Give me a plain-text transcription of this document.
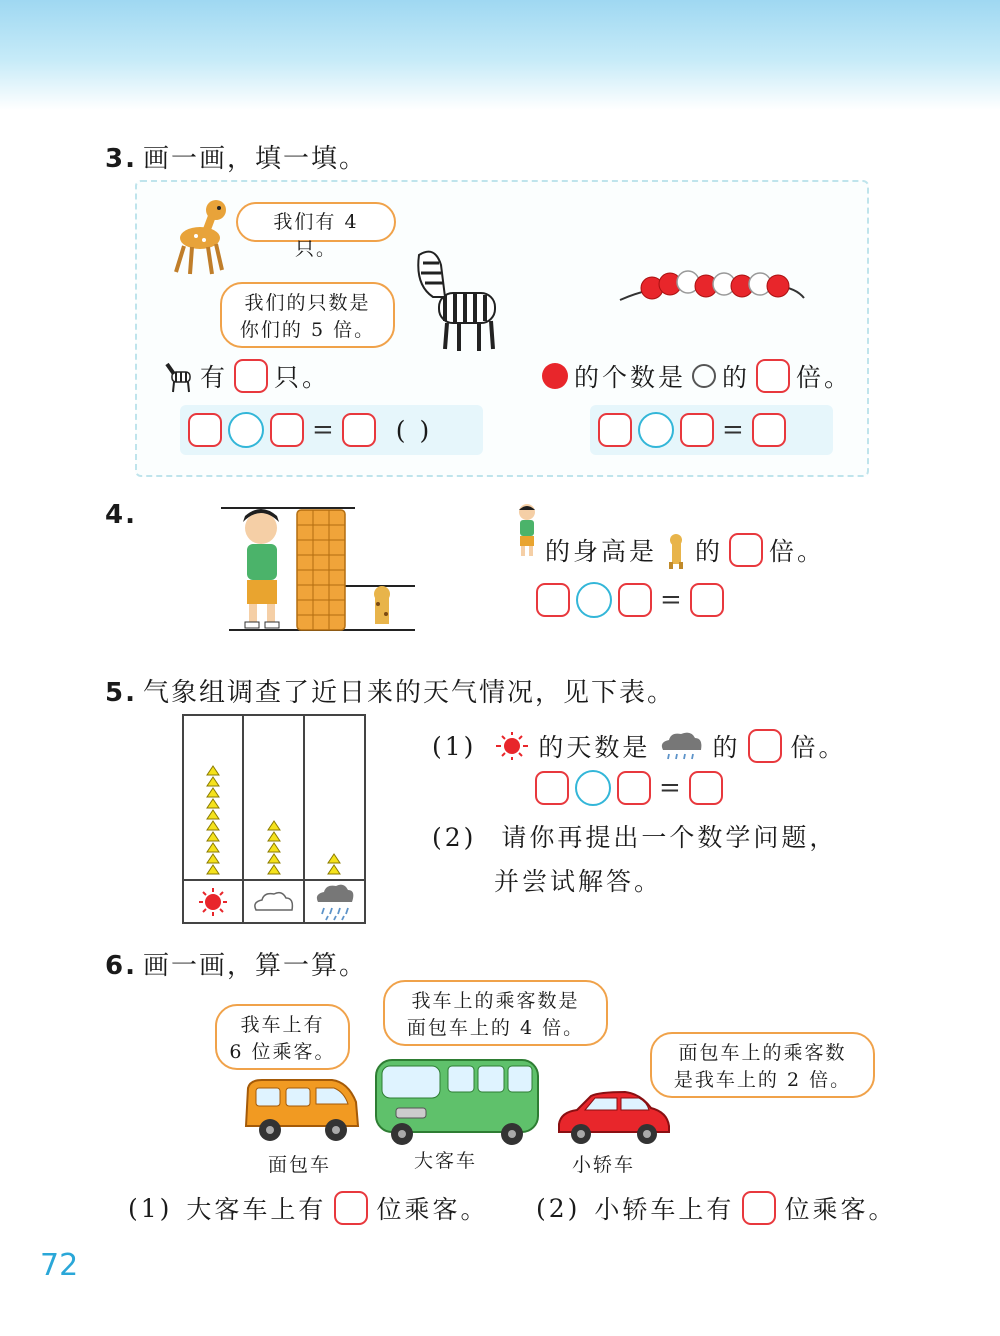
3. 画一画，填一填。
我们有 4 只。
我们的只数是
你们的 5 倍。
有 只。
= ( )
的个数是 的 倍。
=
4.
的身高是 的 倍。
=
5. 气象组调查了近日来的天气情况，见下表。
(1) 的天数是 的 倍。
=
(2) 请你再提出一个数学问题，
并尝试解答。
6. 画一画，算一算。
我车上有
6 位乘客。
我车上的乘客数是
面包车上的 4 倍。
面包车上的乘客数
是我车上的 2 倍。
面包车	大客车	小轿车
(1) 大客车上有 位乘客。 (2) 小轿车上有 位乘客。
72
